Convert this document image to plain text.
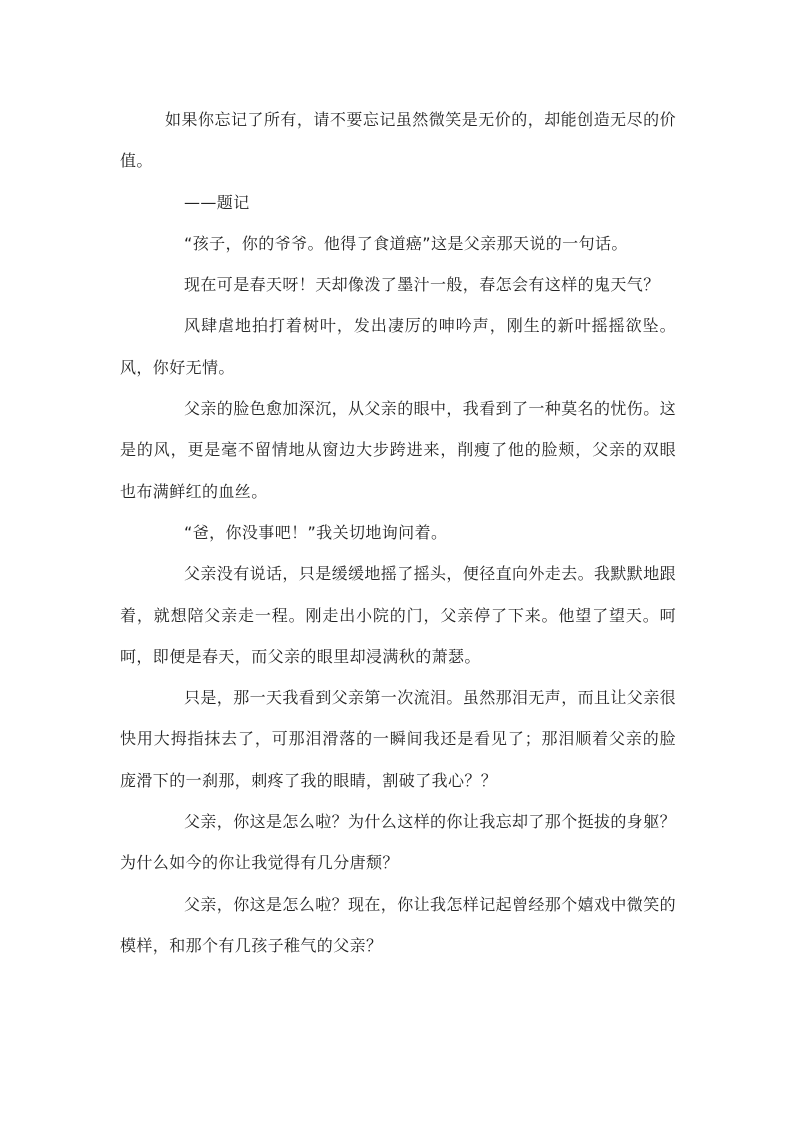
如果你忘记了所有，请不要忘记虽然微笑是无价的，却能创造无尽的价值。

——题记

“孩子，你的爷爷。他得了食道癌”这是父亲那天说的一句话。

现在可是春天呀！天却像泼了墨汁一般，春怎会有这样的鬼天气？

风肆虐地拍打着树叶，发出凄厉的呻吟声，刚生的新叶摇摇欲坠。风，你好无情。

父亲的脸色愈加深沉，从父亲的眼中，我看到了一种莫名的忧伤。这是的风，更是毫不留情地从窗边大步跨进来，削瘦了他的脸颊，父亲的双眼也布满鲜红的血丝。

“爸，你没事吧！”我关切地询问着。

父亲没有说话，只是缓缓地摇了摇头，便径直向外走去。我默默地跟着，就想陪父亲走一程。刚走出小院的门，父亲停了下来。他望了望天。呵呵，即便是春天，而父亲的眼里却浸满秋的萧瑟。

只是，那一天我看到父亲第一次流泪。虽然那泪无声，而且让父亲很快用大拇指抹去了，可那泪滑落的一瞬间我还是看见了；那泪顺着父亲的脸庞滑下的一刹那，刺疼了我的眼睛，割破了我心？？

父亲，你这是怎么啦？为什么这样的你让我忘却了那个挺拔的身躯？为什么如今的你让我觉得有几分唐颓？

父亲，你这是怎么啦？现在，你让我怎样记起曾经那个嬉戏中微笑的模样，和那个有几孩子稚气的父亲？
